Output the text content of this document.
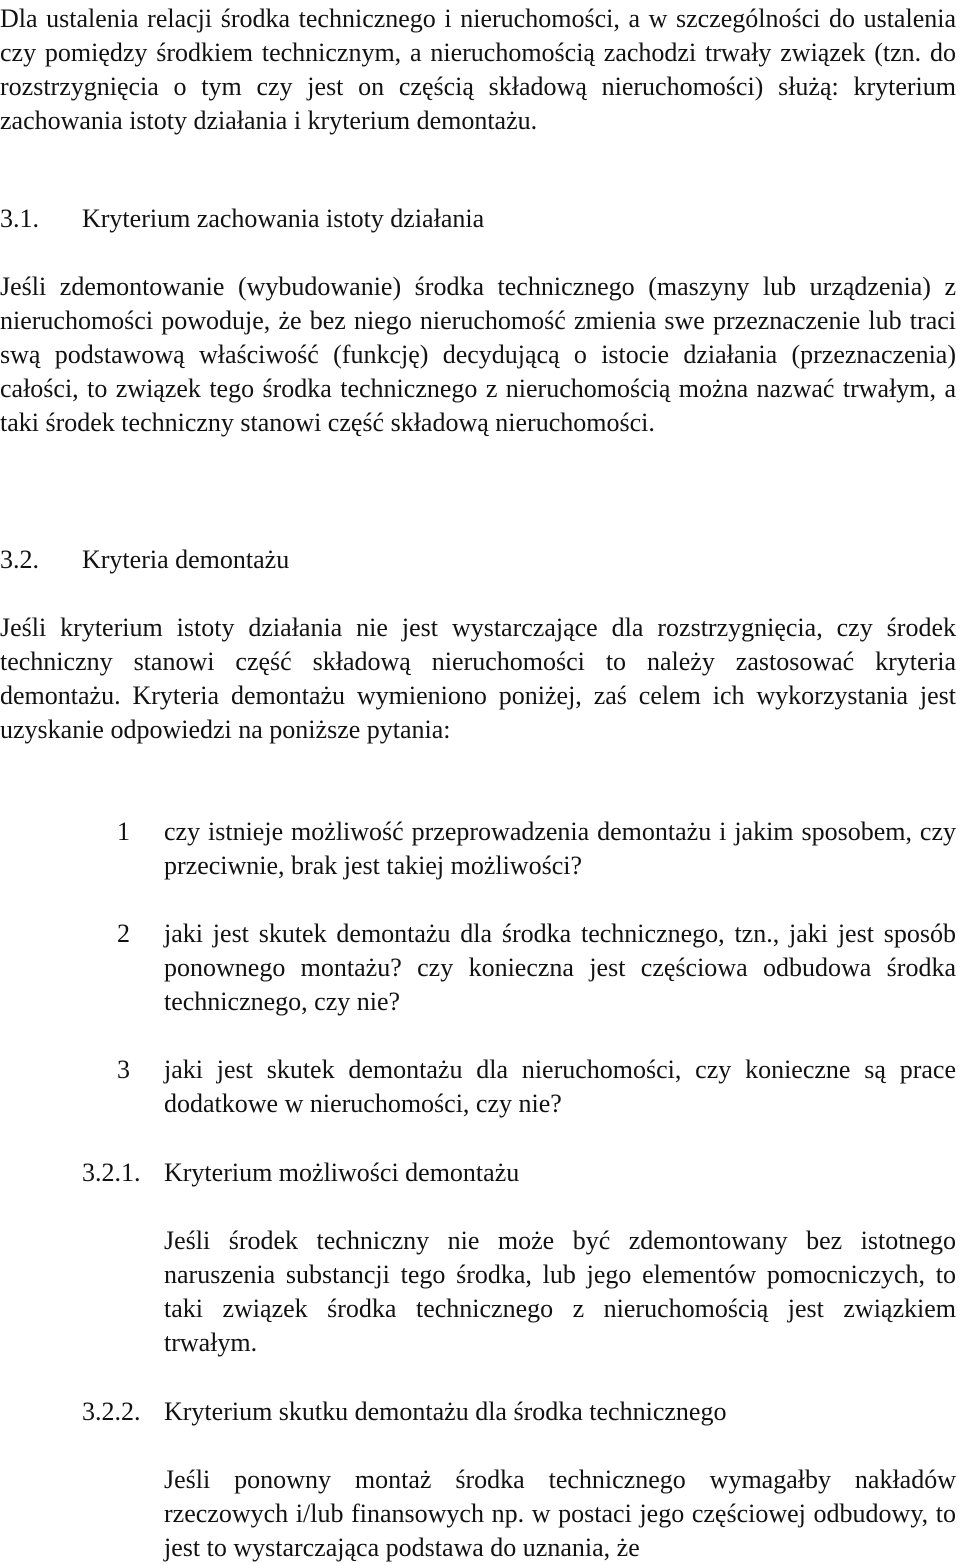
Dla ustalenia relacji środka technicznego i nieruchomości, a w szczególności do ustalenia czy pomiędzy środkiem technicznym, a nieruchomością zachodzi trwały związek (tzn. do rozstrzygnięcia o tym czy jest on częścią składową nieruchomości) służą: kryterium zachowania istoty działania i kryterium demontażu.

3.1. Kryterium zachowania istoty działania

Jeśli zdemontowanie (wybudowanie) środka technicznego (maszyny lub urządzenia) z nieruchomości powoduje, że bez niego nieruchomość zmienia swe przeznaczenie lub traci swą podstawową właściwość (funkcję) decydującą o istocie działania (przeznaczenia) całości, to związek tego środka technicznego z nieruchomością można nazwać trwałym, a taki środek techniczny stanowi część składową nieruchomości.

3.2. Kryteria demontażu

Jeśli kryterium istoty działania nie jest wystarczające dla rozstrzygnięcia, czy środek techniczny stanowi część składową nieruchomości to należy zastosować kryteria demontażu. Kryteria demontażu wymieniono poniżej, zaś celem ich wykorzystania jest uzyskanie odpowiedzi na poniższe pytania:

1	czy istnieje możliwość przeprowadzenia demontażu i jakim sposobem, czy przeciwnie, brak jest takiej możliwości?
2	jaki jest skutek demontażu dla środka technicznego, tzn., jaki jest sposób ponownego montażu? czy konieczna jest częściowa odbudowa środka technicznego, czy nie?
3	jaki jest skutek demontażu dla nieruchomości, czy konieczne są prace dodatkowe w nieruchomości, czy nie?
3.2.1. Kryterium możliwości demontażu

Jeśli środek techniczny nie może być zdemontowany bez istotnego naruszenia substancji tego środka, lub jego elementów pomocniczych, to taki związek środka technicznego z nieruchomością jest związkiem trwałym.

3.2.2. Kryterium skutku demontażu dla środka technicznego

Jeśli ponowny montaż środka technicznego wymagałby nakładów rzeczowych i/lub finansowych np. w postaci jego częściowej odbudowy, to jest to wystarczająca podstawa do uznania, że
